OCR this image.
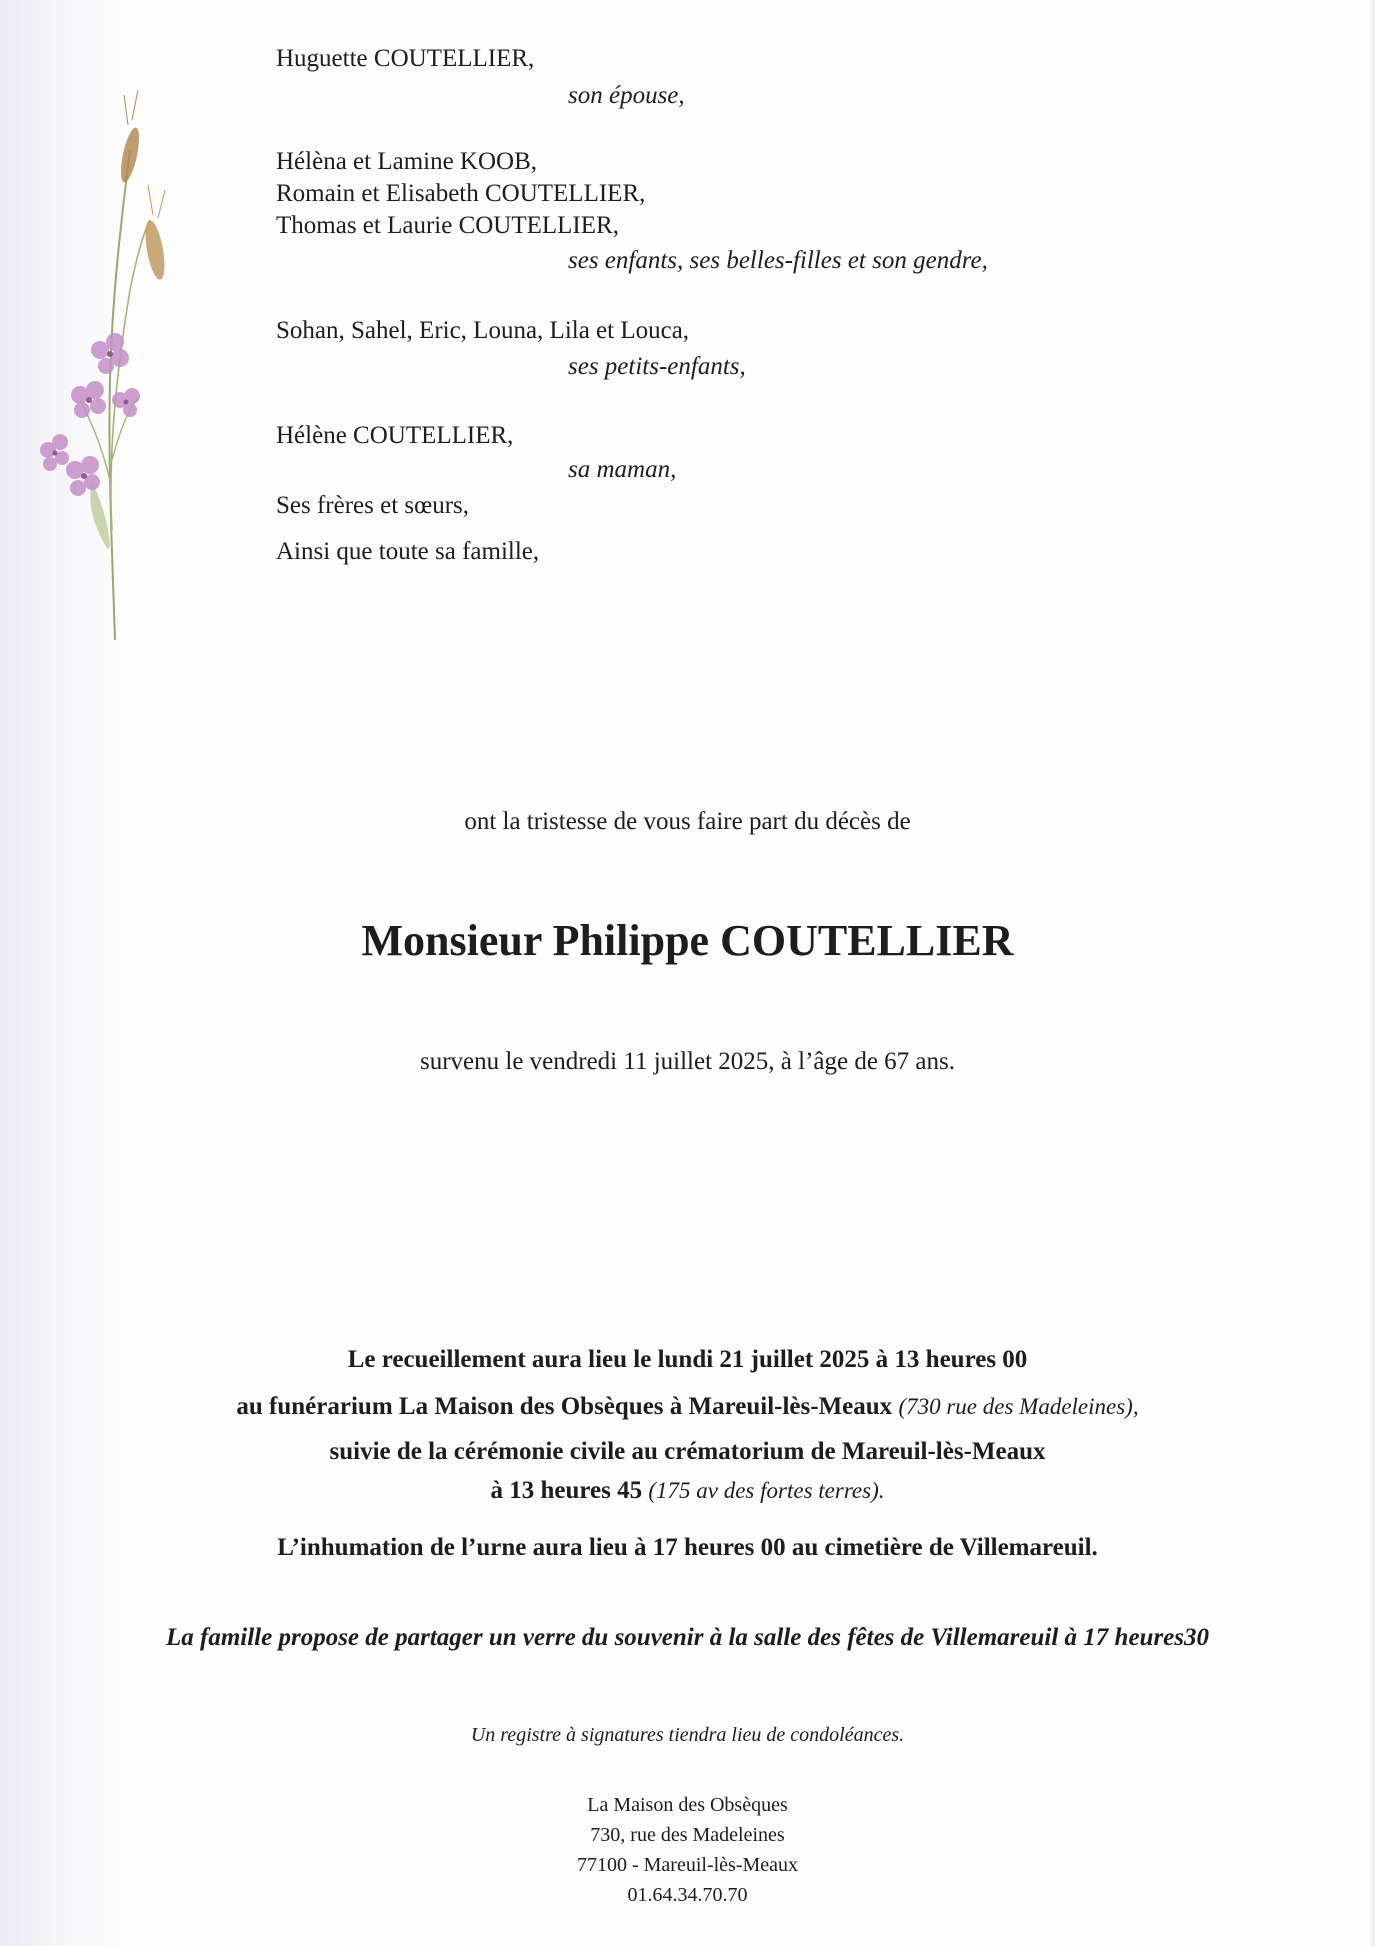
Huguette COUTELLIER,
son épouse,
Hélèna et Lamine KOOB,
Romain et Elisabeth COUTELLIER,
Thomas et Laurie COUTELLIER,
ses enfants, ses belles-filles et son gendre,
Sohan, Sahel, Eric, Louna, Lila et Louca,
ses petits-enfants,
Hélène COUTELLIER,
sa maman,
Ses frères et sœurs,
Ainsi que toute sa famille,
ont la tristesse de vous faire part du décès de
Monsieur Philippe COUTELLIER
survenu le vendredi 11 juillet 2025, à l’âge de 67 ans.
Le recueillement aura lieu le lundi 21 juillet 2025 à 13 heures 00
au funérarium La Maison des Obsèques à Mareuil-lès-Meaux (730 rue des Madeleines),
suivie de la cérémonie civile au crématorium de Mareuil-lès-Meaux
à 13 heures 45 (175 av des fortes terres).
L’inhumation de l’urne aura lieu à 17 heures 00 au cimetière de Villemareuil.
La famille propose de partager un verre du souvenir à la salle des fêtes de Villemareuil à 17 heures30
Un registre à signatures tiendra lieu de condoléances.
La Maison des Obsèques
730, rue des Madeleines
77100 - Mareuil-lès-Meaux
01.64.34.70.70
